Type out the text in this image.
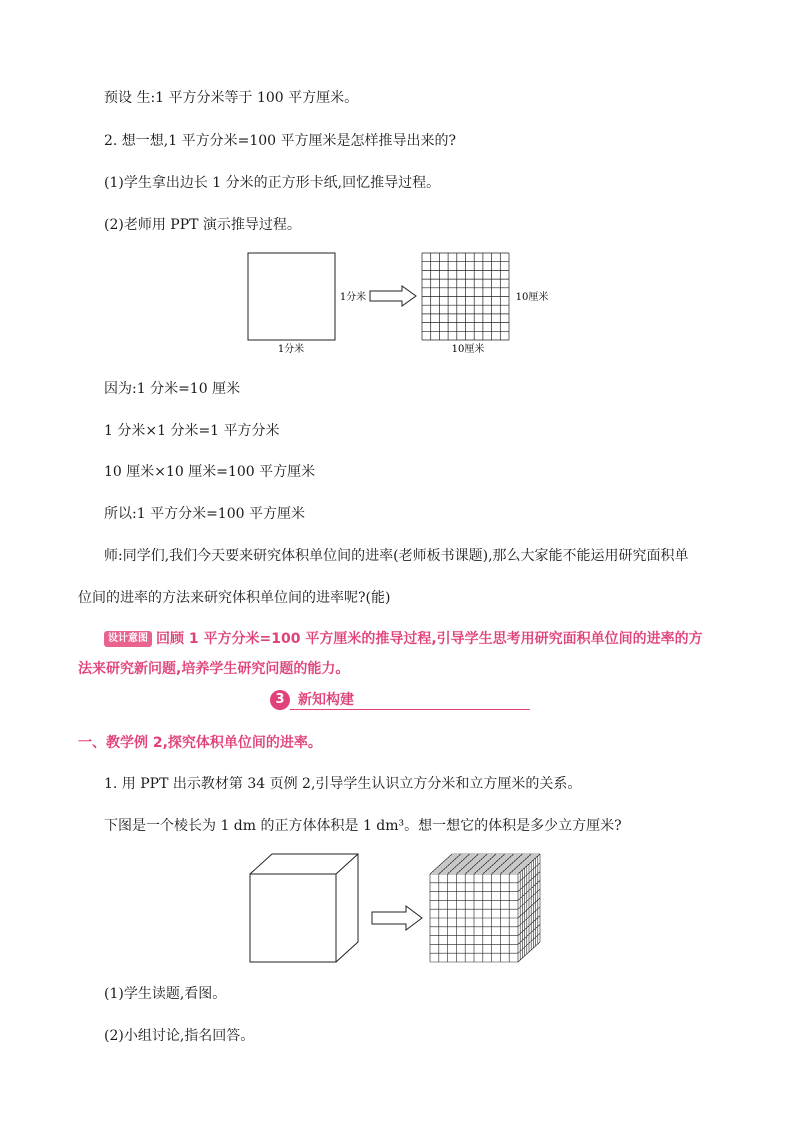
预设 生:1 平方分米等于 100 平方厘米。
2. 想一想,1 平方分米=100 平方厘米是怎样推导出来的?
(1)学生拿出边长 1 分米的正方形卡纸,回忆推导过程。
(2)老师用 PPT 演示推导过程。
1分米
1分米	10厘米
10厘米
因为:1 分米=10 厘米
1 分米×1 分米=1 平方分米
10 厘米×10 厘米=100 平方厘米
所以:1 平方分米=100 平方厘米
师:同学们,我们今天要来研究体积单位间的进率(老师板书课题),那么大家能不能运用研究面积单
位间的进率的方法来研究体积单位间的进率呢?(能)
设计意图 回顾 1 平方分米=100 平方厘米的推导过程,引导学生思考用研究面积单位间的进率的方
法来研究新问题,培养学生研究问题的能力。
3 新知构建
一、教学例 2,探究体积单位间的进率。
1. 用 PPT 出示教材第 34 页例 2,引导学生认识立方分米和立方厘米的关系。
下图是一个棱长为 1 dm 的正方体体积是 1 dm³。想一想它的体积是多少立方厘米?
(1)学生读题,看图。
(2)小组讨论,指名回答。
